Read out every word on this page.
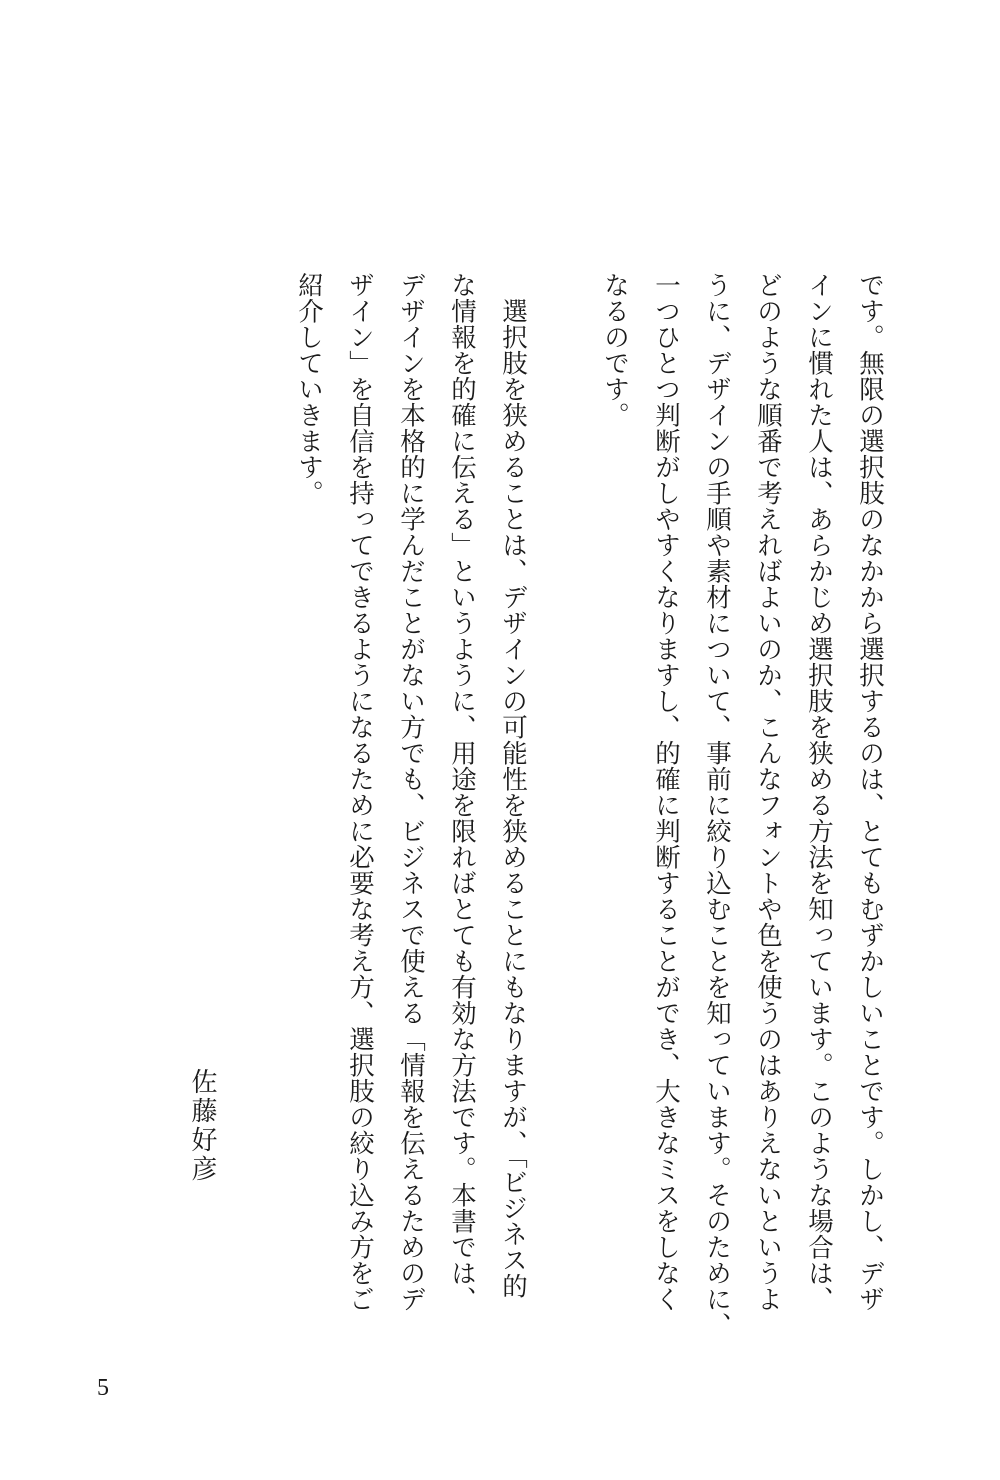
です。無限の選択肢のなかから選択するのは、とてもむずかしいことです。しかし、デザ
インに慣れた人は、あらかじめ選択肢を狭める方法を知っています。このような場合は、
どのような順番で考えればよいのか、こんなフォントや色を使うのはありえないというよ
うに、デザインの手順や素材について、事前に絞り込むことを知っています。そのために、
一つひとつ判断がしやすくなりますし、的確に判断することができ、大きなミスをしなく
なるのです。
　選択肢を狭めることは、デザインの可能性を狭めることにもなりますが、「ビジネス的
な情報を的確に伝える」というように、用途を限ればとても有効な方法です。本書では、
デザインを本格的に学んだことがない方でも、ビジネスで使える「情報を伝えるためのデ
ザイン」を自信を持ってできるようになるために必要な考え方、選択肢の絞り込み方をご
紹介していきます。
佐藤好彦
5
